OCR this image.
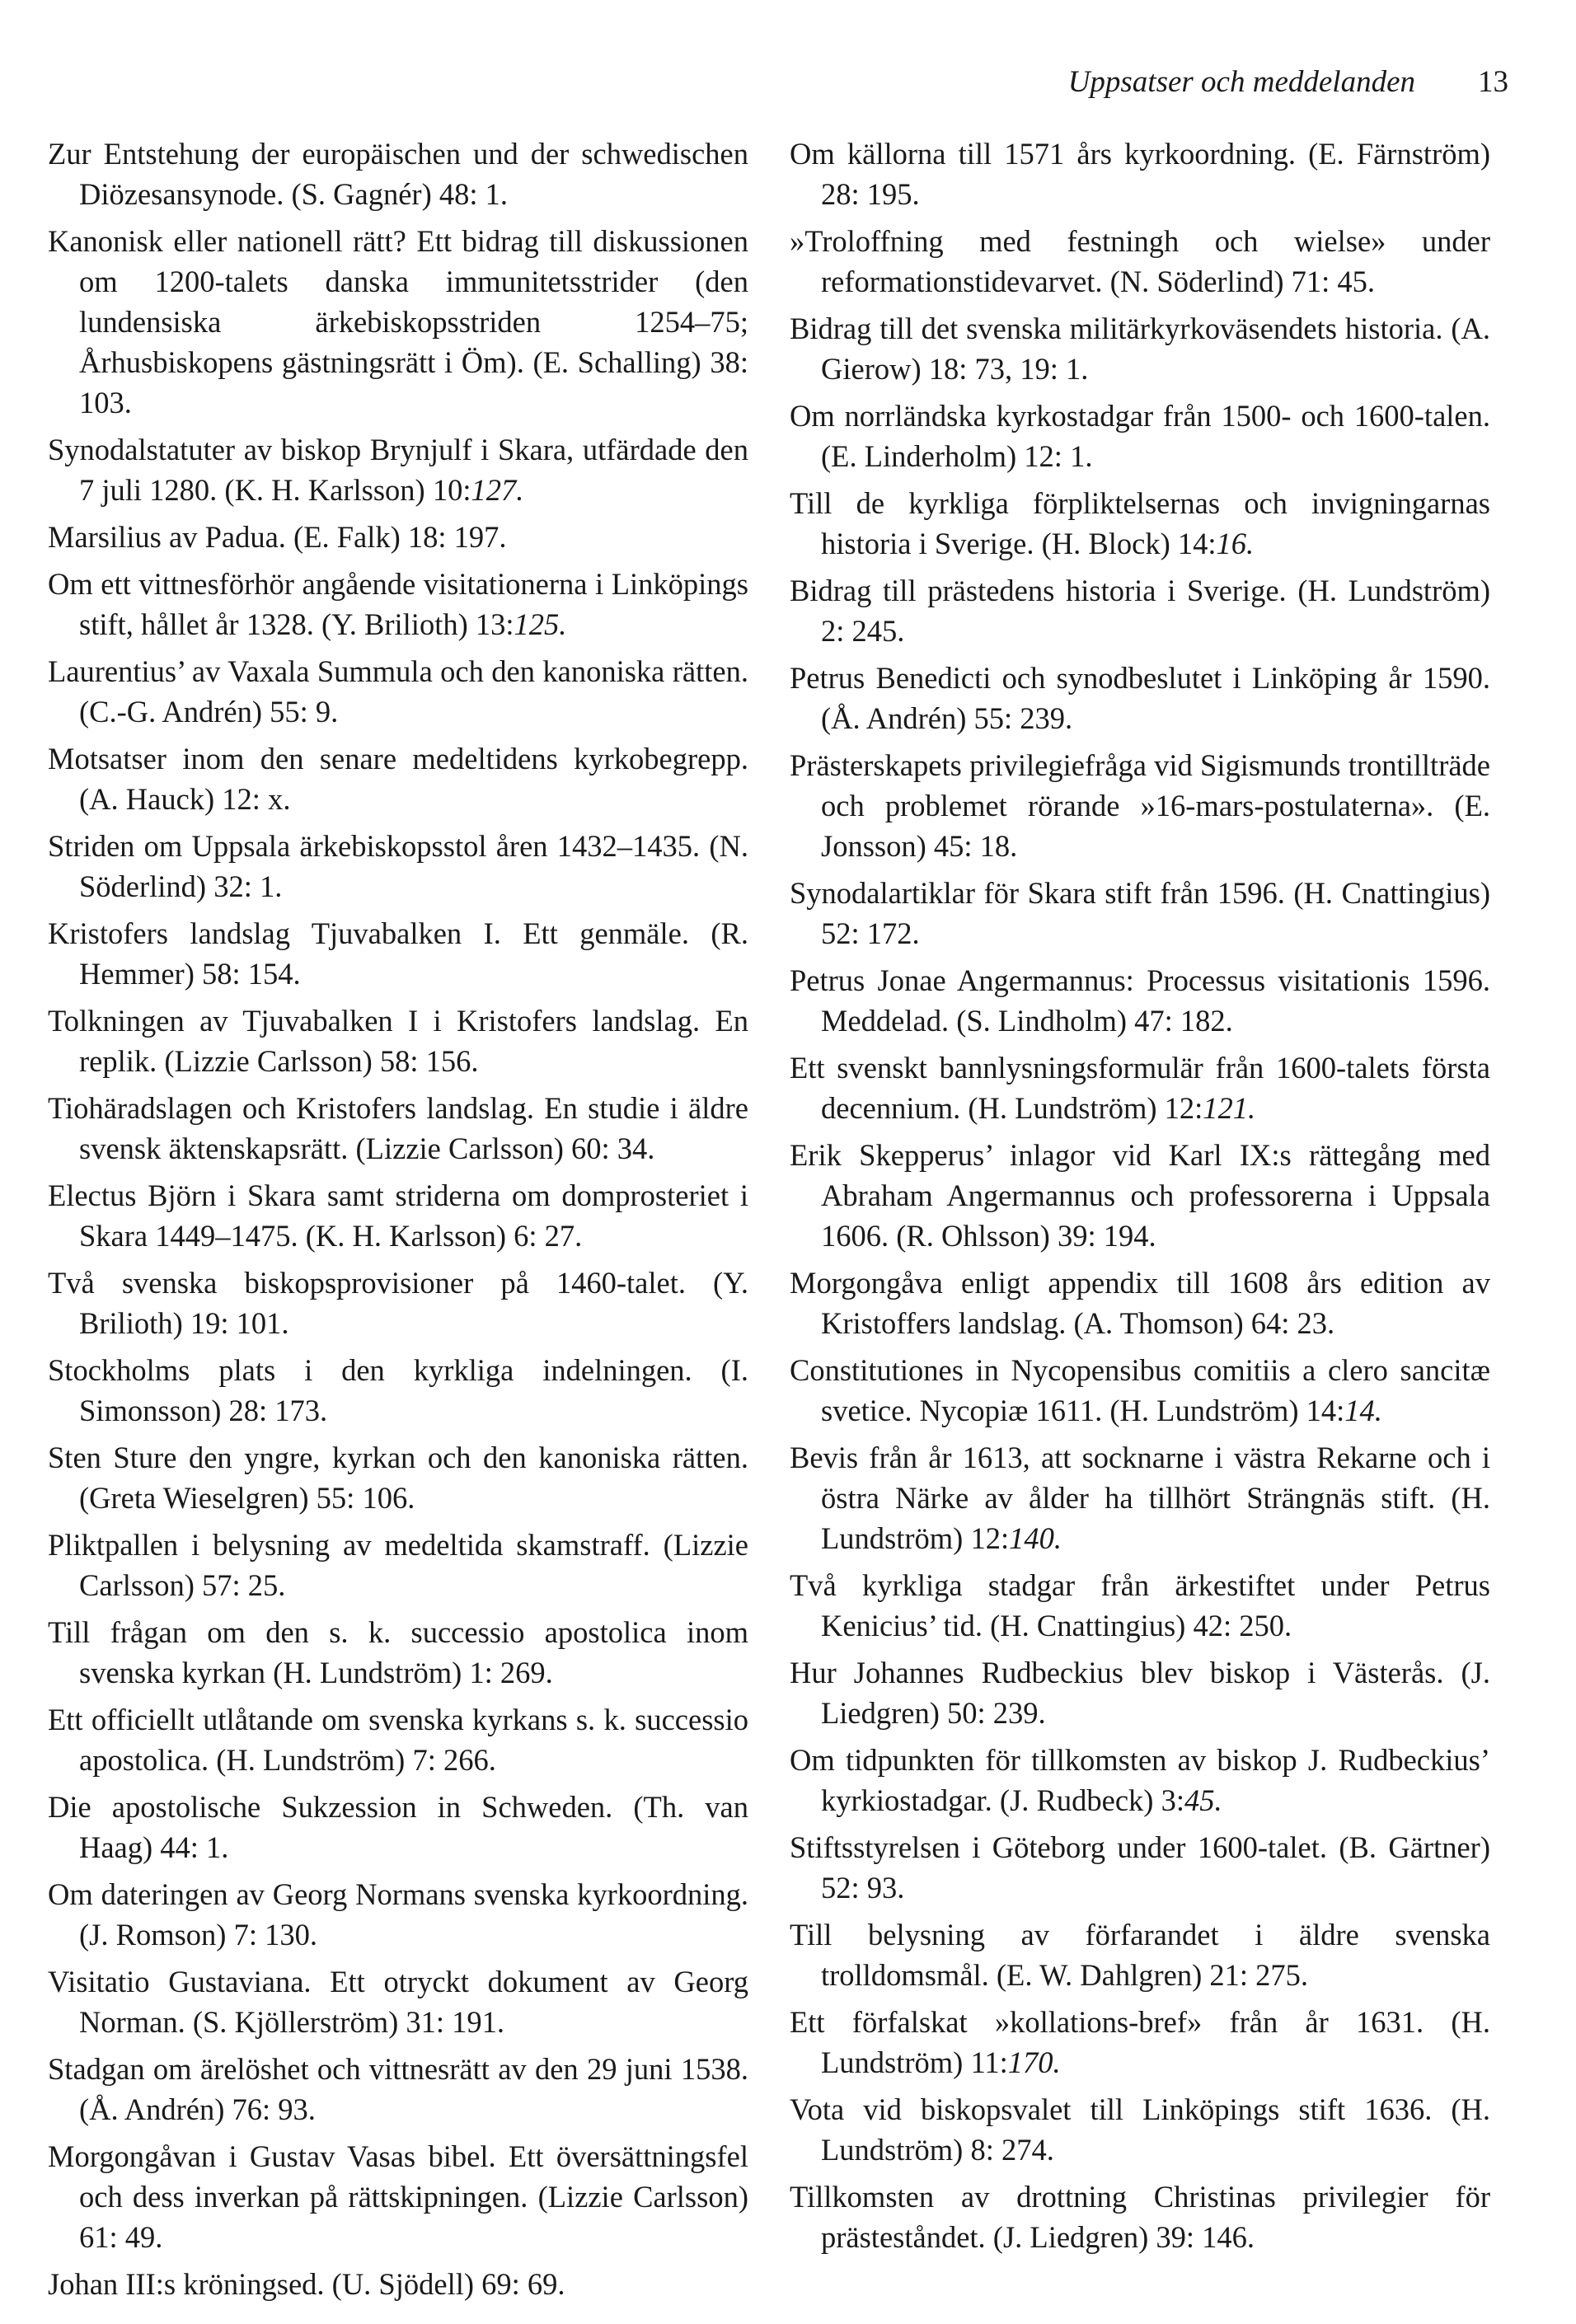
Uppsatser och meddelanden 13

Zur Entstehung der europäischen und der schwedischen Diözesansynode. (S. Gagnér) 48: 1.

Kanonisk eller nationell rätt? Ett bidrag till diskussionen om 1200-talets danska immunitetsstrider (den lundensiska ärkebiskopsstriden 1254–75; Århusbiskopens gästningsrätt i Öm). (E. Schalling) 38: 103.

Synodalstatuter av biskop Brynjulf i Skara, utfärdade den 7 juli 1280. (K. H. Karlsson) 10:127.

Marsilius av Padua. (E. Falk) 18: 197.

Om ett vittnesförhör angående visitationerna i Linköpings stift, hållet år 1328. (Y. Brilioth) 13:125.

Laurentius’ av Vaxala Summula och den kanoniska rätten. (C.-G. Andrén) 55: 9.

Motsatser inom den senare medeltidens kyrkobegrepp. (A. Hauck) 12: x.

Striden om Uppsala ärkebiskopsstol åren 1432–1435. (N. Söderlind) 32: 1.

Kristofers landslag Tjuvabalken I. Ett genmäle. (R. Hemmer) 58: 154.

Tolkningen av Tjuvabalken I i Kristofers landslag. En replik. (Lizzie Carlsson) 58: 156.

Tiohäradslagen och Kristofers landslag. En studie i äldre svensk äktenskapsrätt. (Lizzie Carlsson) 60: 34.

Electus Björn i Skara samt striderna om domprosteriet i Skara 1449–1475. (K. H. Karlsson) 6: 27.

Två svenska biskopsprovisioner på 1460-talet. (Y. Brilioth) 19: 101.

Stockholms plats i den kyrkliga indelningen. (I. Simonsson) 28: 173.

Sten Sture den yngre, kyrkan och den kanoniska rätten. (Greta Wieselgren) 55: 106.

Pliktpallen i belysning av medeltida skamstraff. (Lizzie Carlsson) 57: 25.

Till frågan om den s. k. successio apostolica inom svenska kyrkan (H. Lundström) 1: 269.

Ett officiellt utlåtande om svenska kyrkans s. k. successio apostolica. (H. Lundström) 7: 266.

Die apostolische Sukzession in Schweden. (Th. van Haag) 44: 1.

Om dateringen av Georg Normans svenska kyrkoordning. (J. Romson) 7: 130.

Visitatio Gustaviana. Ett otryckt dokument av Georg Norman. (S. Kjöllerström) 31: 191.

Stadgan om ärelöshet och vittnesrätt av den 29 juni 1538. (Å. Andrén) 76: 93.

Morgongåvan i Gustav Vasas bibel. Ett översättningsfel och dess inverkan på rättskipningen. (Lizzie Carlsson) 61: 49.

Johan III:s kröningsed. (U. Sjödell) 69: 69.

Om källorna till 1571 års kyrkoordning. (E. Färnström) 28: 195.

»Troloffning med festningh och wielse» under reformationstidevarvet. (N. Söderlind) 71: 45.

Bidrag till det svenska militärkyrkoväsendets historia. (A. Gierow) 18: 73, 19: 1.

Om norrländska kyrkostadgar från 1500- och 1600-talen. (E. Linderholm) 12: 1.

Till de kyrkliga förpliktelsernas och invigningarnas historia i Sverige. (H. Block) 14:16.

Bidrag till prästedens historia i Sverige. (H. Lundström) 2: 245.

Petrus Benedicti och synodbeslutet i Linköping år 1590. (Å. Andrén) 55: 239.

Prästerskapets privilegiefråga vid Sigismunds trontillträde och problemet rörande »16-mars-postulaterna». (E. Jonsson) 45: 18.

Synodalartiklar för Skara stift från 1596. (H. Cnattingius) 52: 172.

Petrus Jonae Angermannus: Processus visitationis 1596. Meddelad. (S. Lindholm) 47: 182.

Ett svenskt bannlysningsformulär från 1600-talets första decennium. (H. Lundström) 12:121.

Erik Skepperus’ inlagor vid Karl IX:s rättegång med Abraham Angermannus och professorerna i Uppsala 1606. (R. Ohlsson) 39: 194.

Morgongåva enligt appendix till 1608 års edition av Kristoffers landslag. (A. Thomson) 64: 23.

Constitutiones in Nycopensibus comitiis a clero sancitæ svetice. Nycopiæ 1611. (H. Lundström) 14:14.

Bevis från år 1613, att socknarne i västra Rekarne och i östra Närke av ålder ha tillhört Strängnäs stift. (H. Lundström) 12:140.

Två kyrkliga stadgar från ärkestiftet under Petrus Kenicius’ tid. (H. Cnattingius) 42: 250.

Hur Johannes Rudbeckius blev biskop i Västerås. (J. Liedgren) 50: 239.

Om tidpunkten för tillkomsten av biskop J. Rudbeckius’ kyrkiostadgar. (J. Rudbeck) 3:45.

Stiftsstyrelsen i Göteborg under 1600-talet. (B. Gärtner) 52: 93.

Till belysning av förfarandet i äldre svenska trolldomsmål. (E. W. Dahlgren) 21: 275.

Ett förfalskat »kollations-bref» från år 1631. (H. Lundström) 11:170.

Vota vid biskopsvalet till Linköpings stift 1636. (H. Lundström) 8: 274.

Tillkomsten av drottning Christinas privilegier för prästeståndet. (J. Liedgren) 39: 146.
